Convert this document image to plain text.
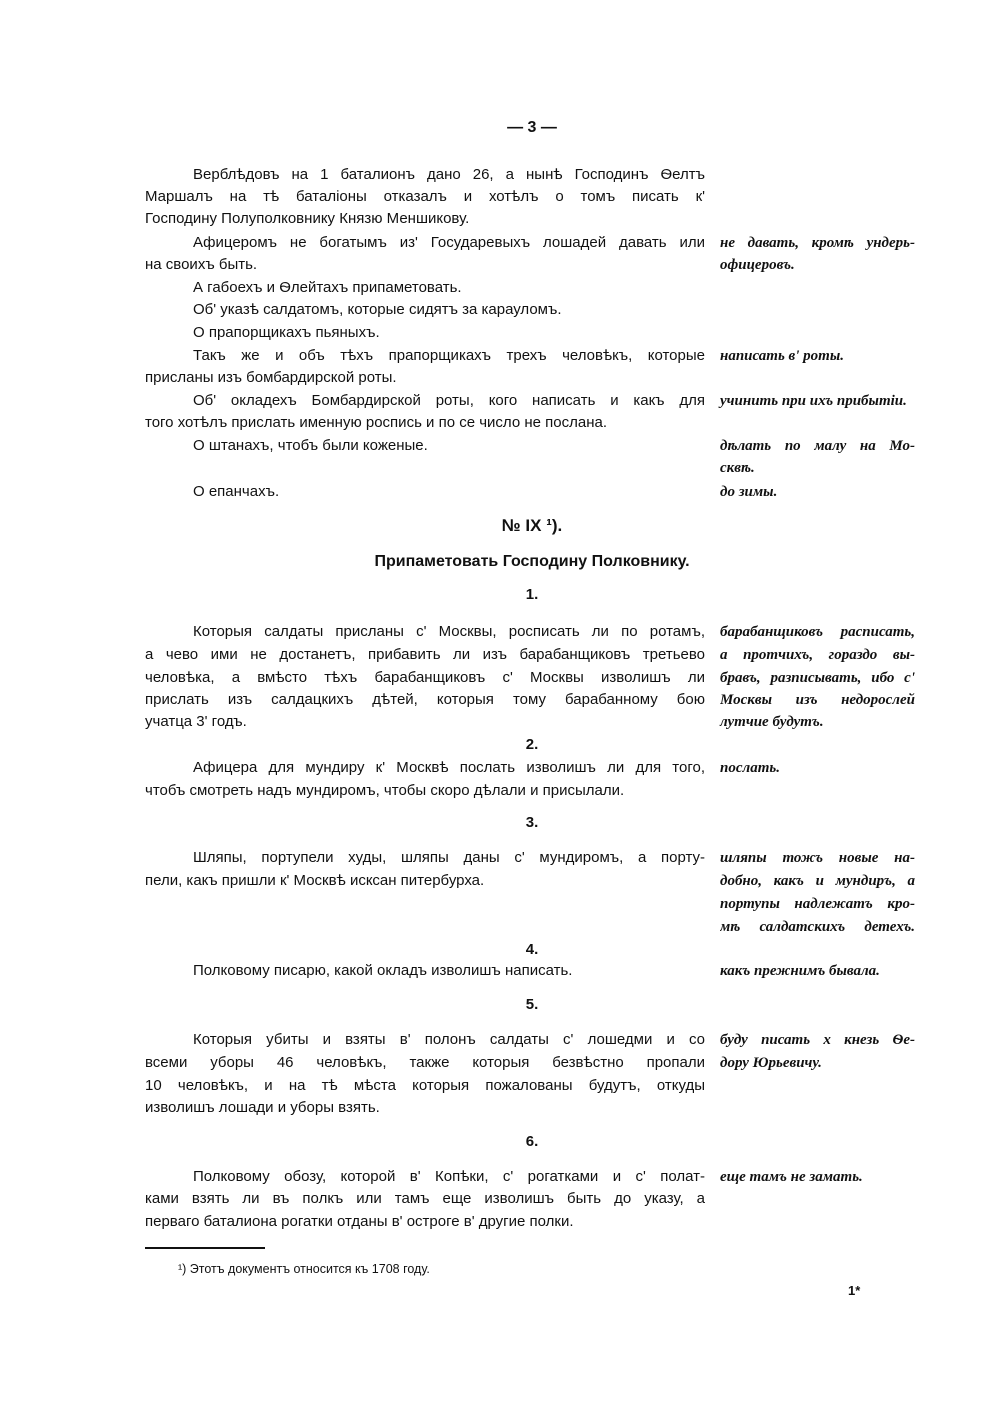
— 3 —
Верблѣдовъ на 1 баталионъ дано 26, а нынѣ Господинъ Ѳелтъ
Маршалъ на тѣ баталіоны отказалъ и хотѣлъ о томъ писать к'
Господину Полуполковнику Князю Меншикову.
Афицеромъ не богатымъ из' Государевыхъ лошадей давать или
на своихъ быть.
А габоехъ и Ѳлейтахъ припаметовать.
Об' указѣ салдатомъ, которые сидятъ за карауломъ.
О прапорщикахъ пьяныхъ.
Такъ же и объ тѣхъ прапорщикахъ трехъ человѣкъ, которые
присланы изъ бомбардирской роты.
Об' окладехъ Бомбардирской роты, кого написать и какъ для
того хотѣлъ прислать именную роспись и по се число не послана.
О штанахъ, чтобъ были коженые.
О епанчахъ.
не давать, кромѣ ундерь-
офицеровъ.
написать в' роты.
учинить при ихъ прибытіи.
дѣлать по малу на Мо-
сквѣ.
до зимы.
№ IX ¹).
Припаметовать Господину Полковнику.
1.
Которыя салдаты присланы с' Москвы, росписать ли по ротамъ,
а чево ими не достанетъ, прибавить ли изъ барабанщиковъ третьево
человѣка, а вмѣсто тѣхъ барабанщиковъ с' Москвы изволишъ ли
прислать изъ салдацкихъ дѣтей, которыя тому барабанному бою
учатца 3' годъ.
барабанщиковъ расписать,
а протчихъ, гораздо вы-
бравъ, разписывать, ибо с'
Москвы изъ недорослей
лутчие будутъ.
2.
Афицера для мундиру к' Москвѣ послать изволишъ ли для того,
чтобъ смотреть надъ мундиромъ, чтобы скоро дѣлали и присылали.
послать.
3.
Шляпы, портупели худы, шляпы даны с' мундиромъ, а порту-
пели, какъ пришли к' Москвѣ искcан питербурха.
шляпы тожъ новые на-
добно, какъ и мундиръ, а
портупы надлежатъ кро-
мѣ салдатскихъ детехъ.
4.
Полковому писарю, какой окладъ изволишъ написать.	какъ прежнимъ бывала.
5.
Которыя убиты и взяты в' полонъ салдаты с' лошедми и со
всеми уборы 46 человѣкъ, также которыя безвѣстно пропали
10 человѣкъ, и на тѣ мѣста которыя пожалованы будутъ, откуды
изволишъ лошади и уборы взять.
буду писать х кнезь Ѳе-
дору Юрьевичу.
6.
Полковому обозу, которой в' Копѣки, с' рогатками и с' полат-
ками взять ли въ полкъ или тамъ еще изволишъ быть до указу, а
перваго баталиона рогатки отданы в' остроге в' другие полки.
еще тамъ не замать.
¹) Этотъ документъ относится къ 1708 году.
1*
